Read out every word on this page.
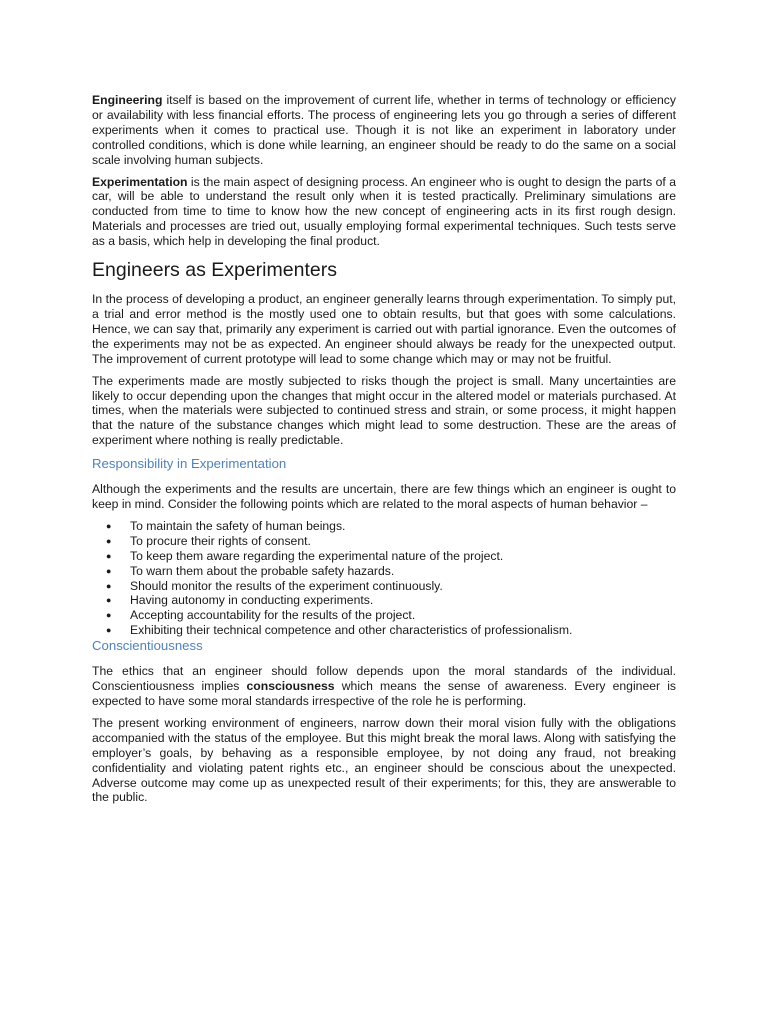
Engineering itself is based on the improvement of current life, whether in terms of technology or efficiency or availability with less financial efforts. The process of engineering lets you go through a series of different experiments when it comes to practical use. Though it is not like an experiment in laboratory under controlled conditions, which is done while learning, an engineer should be ready to do the same on a social scale involving human subjects.

Experimentation is the main aspect of designing process. An engineer who is ought to design the parts of a car, will be able to understand the result only when it is tested practically. Preliminary simulations are conducted from time to time to know how the new concept of engineering acts in its first rough design. Materials and processes are tried out, usually employing formal experimental techniques. Such tests serve as a basis, which help in developing the final product.

Engineers as Experimenters

In the process of developing a product, an engineer generally learns through experimentation. To simply put, a trial and error method is the mostly used one to obtain results, but that goes with some calculations. Hence, we can say that, primarily any experiment is carried out with partial ignorance. Even the outcomes of the experiments may not be as expected. An engineer should always be ready for the unexpected output. The improvement of current prototype will lead to some change which may or may not be fruitful.

The experiments made are mostly subjected to risks though the project is small. Many uncertainties are likely to occur depending upon the changes that might occur in the altered model or materials purchased. At times, when the materials were subjected to continued stress and strain, or some process, it might happen that the nature of the substance changes which might lead to some destruction. These are the areas of experiment where nothing is really predictable.

Responsibility in Experimentation

Although the experiments and the results are uncertain, there are few things which an engineer is ought to keep in mind. Consider the following points which are related to the moral aspects of human behavior –

● To maintain the safety of human beings.
● To procure their rights of consent.
● To keep them aware regarding the experimental nature of the project.
● To warn them about the probable safety hazards.
● Should monitor the results of the experiment continuously.
● Having autonomy in conducting experiments.
● Accepting accountability for the results of the project.
● Exhibiting their technical competence and other characteristics of professionalism.
Conscientiousness

The ethics that an engineer should follow depends upon the moral standards of the individual. Conscientiousness implies consciousness which means the sense of awareness. Every engineer is expected to have some moral standards irrespective of the role he is performing.

The present working environment of engineers, narrow down their moral vision fully with the obligations accompanied with the status of the employee. But this might break the moral laws. Along with satisfying the employer’s goals, by behaving as a responsible employee, by not doing any fraud, not breaking confidentiality and violating patent rights etc., an engineer should be conscious about the unexpected. Adverse outcome may come up as unexpected result of their experiments; for this, they are answerable to the public.
